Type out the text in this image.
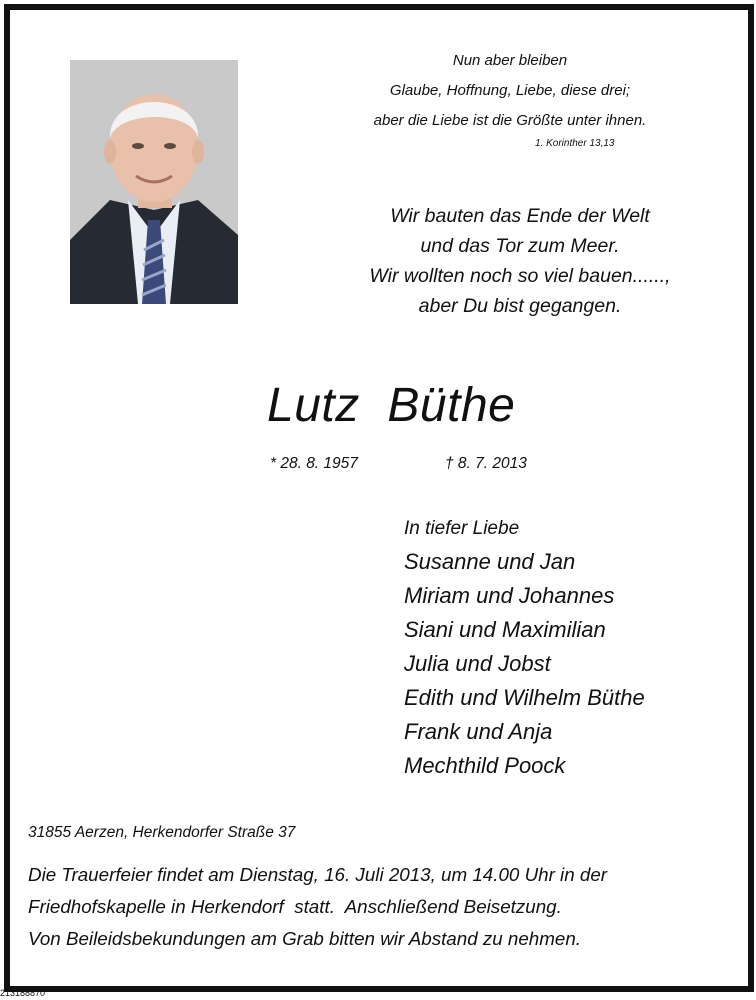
Nun aber bleiben
Glaube, Hoffnung, Liebe, diese drei;
aber die Liebe ist die Größte unter ihnen.
1. Korinther 13,13
Wir bauten das Ende der Welt
und das Tor zum Meer.
Wir wollten noch so viel bauen......,
aber Du bist gegangen.
Lutz  Büthe
* 28. 8. 1957	† 8. 7. 2013
In tiefer Liebe
Susanne und Jan
Miriam und Johannes
Siani und Maximilian
Julia und Jobst
Edith und Wilhelm Büthe
Frank und Anja
Mechthild Poock
31855 Aerzen, Herkendorfer Straße 37
Die Trauerfeier findet am Dienstag, 16. Juli 2013, um 14.00 Uhr in der
Friedhofskapelle in Herkendorf  statt.  Anschließend Beisetzung.
Von Beileidsbekundungen am Grab bitten wir Abstand zu nehmen.
213188870
